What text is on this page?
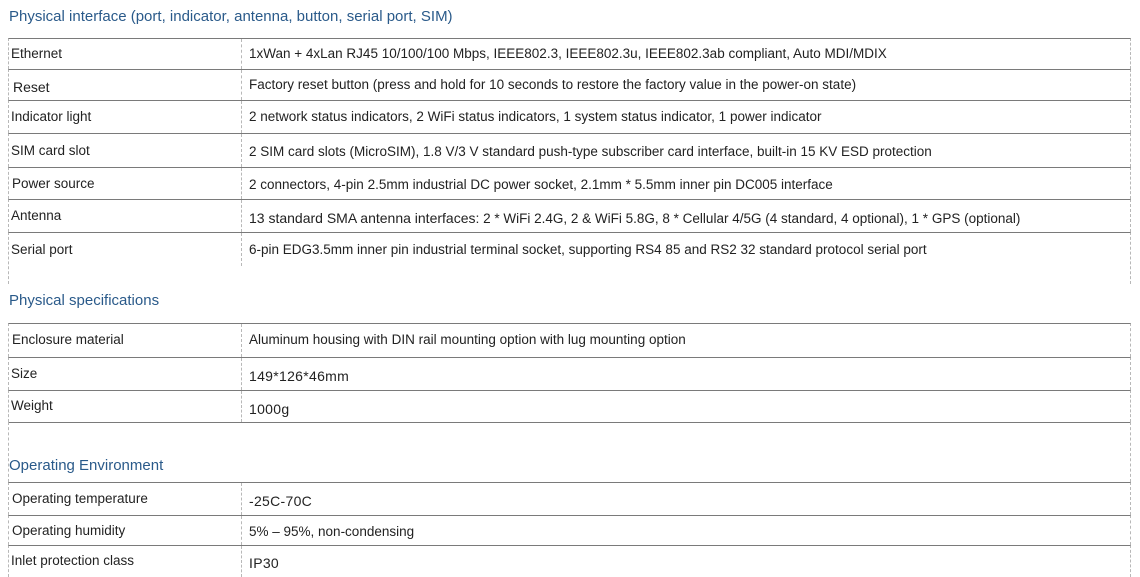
Physical interface (port, indicator, antenna, button, serial port, SIM)
Ethernet	1xWan + 4xLan RJ45 10/100/100 Mbps, IEEE802.3, IEEE802.3u, IEEE802.3ab compliant, Auto MDI/MDIX
Reset	Factory reset button (press and hold for 10 seconds to restore the factory value in the power-on state)
Indicator light	2 network status indicators, 2 WiFi status indicators, 1 system status indicator, 1 power indicator
SIM card slot	2 SIM card slots (MicroSIM), 1.8 V/3 V standard push-type subscriber card interface, built-in 15 KV ESD protection
Power source	2 connectors, 4-pin 2.5mm industrial DC power socket, 2.1mm * 5.5mm inner pin DC005 interface
Antenna	13 standard SMA antenna interfaces: 2 * WiFi 2.4G, 2 & WiFi 5.8G, 8 * Cellular 4/5G (4 standard, 4 optional), 1 * GPS (optional)
Serial port	6-pin EDG3.5mm inner pin industrial terminal socket, supporting RS4 85 and RS2 32 standard protocol serial port
Physical specifications
Enclosure material	Aluminum housing with DIN rail mounting option with lug mounting option
Size	149*126*46mm
Weight	1000g
Operating Environment
Operating temperature	-25C-70C
Operating humidity	5% – 95%, non-condensing
Inlet protection class	IP30
